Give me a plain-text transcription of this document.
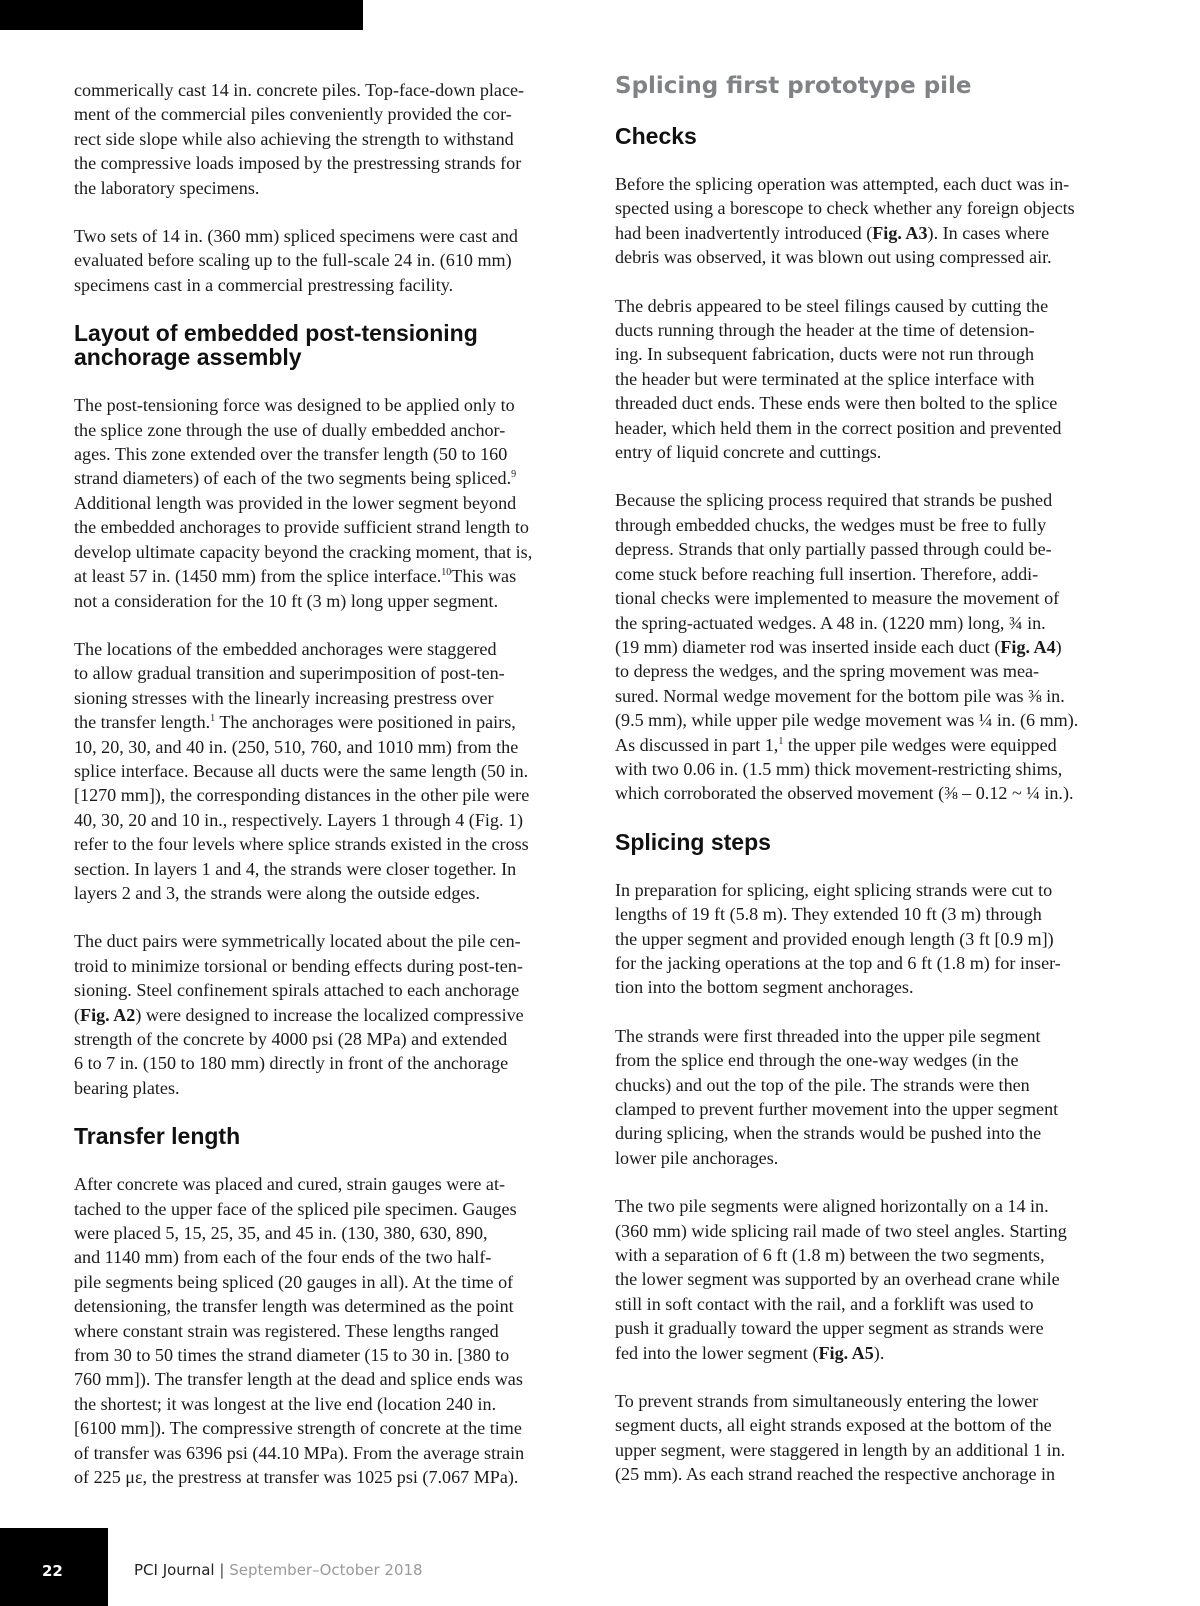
commerically cast 14 in. concrete piles. Top-face-down place-
ment of the commercial piles conveniently provided the cor-
rect side slope while also achieving the strength to withstand
the compressive loads imposed by the prestressing strands for
the laboratory specimens.

Two sets of 14 in. (360 mm) spliced specimens were cast and
evaluated before scaling up to the full-scale 24 in. (610 mm)
specimens cast in a commercial prestressing facility.

Layout of embedded post-tensioning
anchorage assembly

The post-tensioning force was designed to be applied only to
the splice zone through the use of dually embedded anchor-
ages. This zone extended over the transfer length (50 to 160
strand diameters) of each of the two segments being spliced.$^9$
Additional length was provided in the lower segment beyond
the embedded anchorages to provide sufficient strand length to
develop ultimate capacity beyond the cracking moment, that is,
at least 57 in. (1450 mm) from the splice interface.$^{10}$This was
not a consideration for the 10 ft (3 m) long upper segment.

The locations of the embedded anchorages were staggered
to allow gradual transition and superimposition of post-ten-
sioning stresses with the linearly increasing prestress over
the transfer length.$^1$ The anchorages were positioned in pairs,
10, 20, 30, and 40 in. (250, 510, 760, and 1010 mm) from the
splice interface. Because all ducts were the same length (50 in.
[1270 mm]), the corresponding distances in the other pile were
40, 30, 20 and 10 in., respectively. Layers 1 through 4 (Fig. 1)
refer to the four levels where splice strands existed in the cross
section. In layers 1 and 4, the strands were closer together. In
layers 2 and 3, the strands were along the outside edges.

The duct pairs were symmetrically located about the pile cen-
troid to minimize torsional or bending effects during post-ten-
sioning. Steel confinement spirals attached to each anchorage
(Fig. A2) were designed to increase the localized compressive
strength of the concrete by 4000 psi (28 MPa) and extended
6 to 7 in. (150 to 180 mm) directly in front of the anchorage
bearing plates.

Transfer length

After concrete was placed and cured, strain gauges were at-
tached to the upper face of the spliced pile specimen. Gauges
were placed 5, 15, 25, 35, and 45 in. (130, 380, 630, 890,
and 1140 mm) from each of the four ends of the two half-
pile segments being spliced (20 gauges in all). At the time of
detensioning, the transfer length was determined as the point
where constant strain was registered. These lengths ranged
from 30 to 50 times the strand diameter (15 to 30 in. [380 to
760 mm]). The transfer length at the dead and splice ends was
the shortest; it was longest at the live end (location 240 in.
[6100 mm]). The compressive strength of concrete at the time
of transfer was 6396 psi (44.10 MPa). From the average strain
of 225 με, the prestress at transfer was 1025 psi (7.067 MPa).

Splicing first prototype pile
Checks

Before the splicing operation was attempted, each duct was in-
spected using a borescope to check whether any foreign objects
had been inadvertently introduced (Fig. A3). In cases where
debris was observed, it was blown out using compressed air.

The debris appeared to be steel filings caused by cutting the
ducts running through the header at the time of detension-
ing. In subsequent fabrication, ducts were not run through
the header but were terminated at the splice interface with
threaded duct ends. These ends were then bolted to the splice
header, which held them in the correct position and prevented
entry of liquid concrete and cuttings.

Because the splicing process required that strands be pushed
through embedded chucks, the wedges must be free to fully
depress. Strands that only partially passed through could be-
come stuck before reaching full insertion. Therefore, addi-
tional checks were implemented to measure the movement of
the spring-actuated wedges. A 48 in. (1220 mm) long, ¾ in.
(19 mm) diameter rod was inserted inside each duct (Fig. A4)
to depress the wedges, and the spring movement was mea-
sured. Normal wedge movement for the bottom pile was ⅜ in.
(9.5 mm), while upper pile wedge movement was ¼ in. (6 mm).
As discussed in part 1,$^1$ the upper pile wedges were equipped
with two 0.06 in. (1.5 mm) thick movement-restricting shims,
which corroborated the observed movement (⅜ – 0.12 ~ ¼ in.).

Splicing steps

In preparation for splicing, eight splicing strands were cut to
lengths of 19 ft (5.8 m). They extended 10 ft (3 m) through
the upper segment and provided enough length (3 ft [0.9 m])
for the jacking operations at the top and 6 ft (1.8 m) for inser-
tion into the bottom segment anchorages.

The strands were first threaded into the upper pile segment
from the splice end through the one-way wedges (in the
chucks) and out the top of the pile. The strands were then
clamped to prevent further movement into the upper segment
during splicing, when the strands would be pushed into the
lower pile anchorages.

The two pile segments were aligned horizontally on a 14 in.
(360 mm) wide splicing rail made of two steel angles. Starting
with a separation of 6 ft (1.8 m) between the two segments,
the lower segment was supported by an overhead crane while
still in soft contact with the rail, and a forklift was used to
push it gradually toward the upper segment as strands were
fed into the lower segment (Fig. A5).

To prevent strands from simultaneously entering the lower
segment ducts, all eight strands exposed at the bottom of the
upper segment, were staggered in length by an additional 1 in.
(25 mm). As each strand reached the respective anchorage in

22	PCI Journal | September–October 2018
